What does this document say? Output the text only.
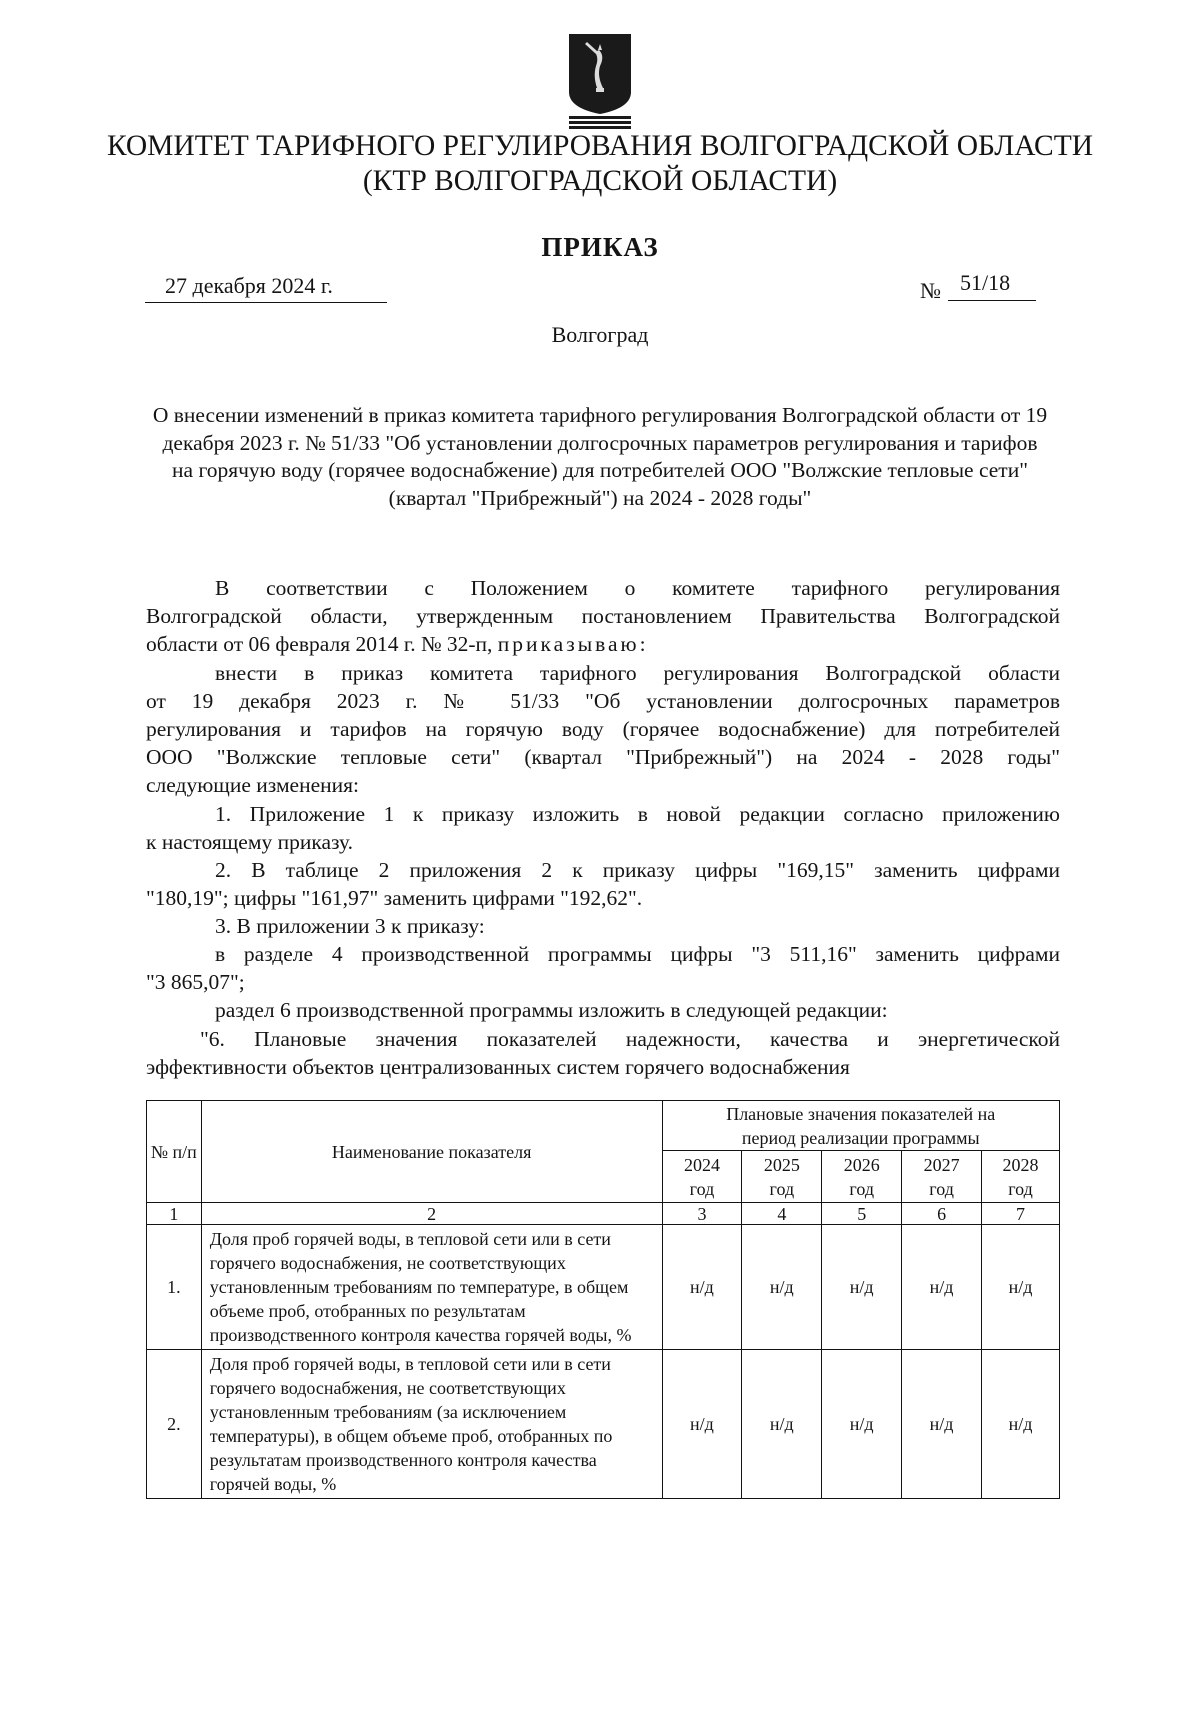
КОМИТЕТ ТАРИФНОГО РЕГУЛИРОВАНИЯ ВОЛГОГРАДСКОЙ ОБЛАСТИ
(КТР ВОЛГОГРАДСКОЙ ОБЛАСТИ)
ПРИКАЗ
27 декабря 2024 г.	№ 51/18
Волгоград
О внесении изменений в приказ комитета тарифного регулирования Волгоградской области от 19 декабря 2023 г. № 51/33 "Об установлении долгосрочных параметров регулирования и тарифов на горячую воду (горячее водоснабжение) для потребителей ООО "Волжские тепловые сети" (квартал "Прибрежный") на 2024 - 2028 годы"
В соответствии с Положением о комитете тарифного регулирования
Волгоградской области, утвержденным постановлением Правительства Волгоградской
области от 06 февраля 2014 г. № 32-п, приказываю:
внести в приказ комитета тарифного регулирования Волгоградской области
от 19 декабря 2023 г. № 51/33 "Об установлении долгосрочных параметров
регулирования и тарифов на горячую воду (горячее водоснабжение) для потребителей
ООО "Волжские тепловые сети" (квартал "Прибрежный") на 2024 - 2028 годы"
следующие изменения:
1. Приложение 1 к приказу изложить в новой редакции согласно приложению
к настоящему приказу.
2. В таблице 2 приложения 2 к приказу цифры "169,15" заменить цифрами
"180,19"; цифры "161,97" заменить цифрами "192,62".
3. В приложении 3 к приказу:
в разделе 4 производственной программы цифры "3 511,16" заменить цифрами
"3 865,07";
раздел 6 производственной программы изложить в следующей редакции:
"6. Плановые значения показателей надежности, качества и энергетической
эффективности объектов централизованных систем горячего водоснабжения
№ п/п	Наименование показателя	Плановые значения показателей на период реализации программы				
		2024 год	2025 год	2026 год	2027 год	2028 год
1	2	3	4	5	6	7
1.	Доля проб горячей воды, в тепловой сети или в сети горячего водоснабжения, не соответствующих установленным требованиям по температуре, в общем объеме проб, отобранных по результатам производственного контроля качества горячей воды, %	н/д	н/д	н/д	н/д	н/д
2.	Доля проб горячей воды, в тепловой сети или в сети горячего водоснабжения, не соответствующих установленным требованиям (за исключением температуры), в общем объеме проб, отобранных по результатам производственного контроля качества горячей воды, %	н/д	н/д	н/д	н/д	н/д
